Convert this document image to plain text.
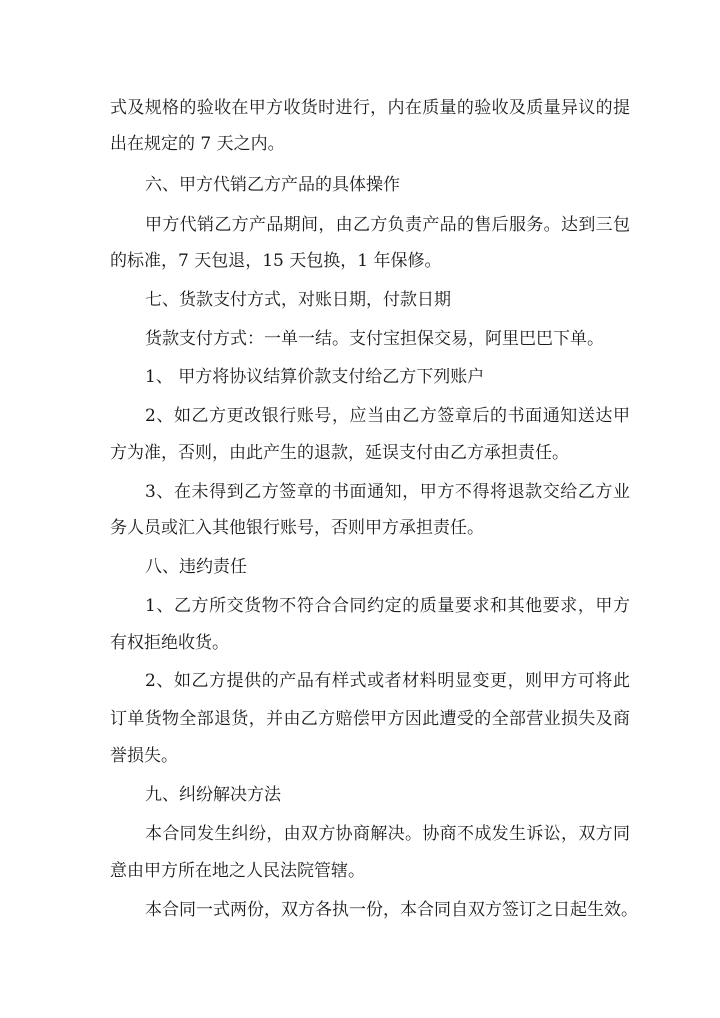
式及规格的验收在甲方收货时进行，内在质量的验收及质量异议的提
出在规定的 7 天之内。
六、甲方代销乙方产品的具体操作
甲方代销乙方产品期间，由乙方负责产品的售后服务。达到三包
的标准，7 天包退，15 天包换，1 年保修。
七、货款支付方式，对账日期，付款日期
货款支付方式：一单一结。支付宝担保交易，阿里巴巴下单。
1、 甲方将协议结算价款支付给乙方下列账户
2、如乙方更改银行账号，应当由乙方签章后的书面通知送达甲
方为准，否则，由此产生的退款，延误支付由乙方承担责任。
3、在未得到乙方签章的书面通知，甲方不得将退款交给乙方业
务人员或汇入其他银行账号，否则甲方承担责任。
八、违约责任
1、乙方所交货物不符合合同约定的质量要求和其他要求，甲方
有权拒绝收货。
2、如乙方提供的产品有样式或者材料明显变更，则甲方可将此
订单货物全部退货，并由乙方赔偿甲方因此遭受的全部营业损失及商
誉损失。
九、纠纷解决方法
本合同发生纠纷，由双方协商解决。协商不成发生诉讼，双方同
意由甲方所在地之人民法院管辖。
本合同一式两份，双方各执一份，本合同自双方签订之日起生效。
